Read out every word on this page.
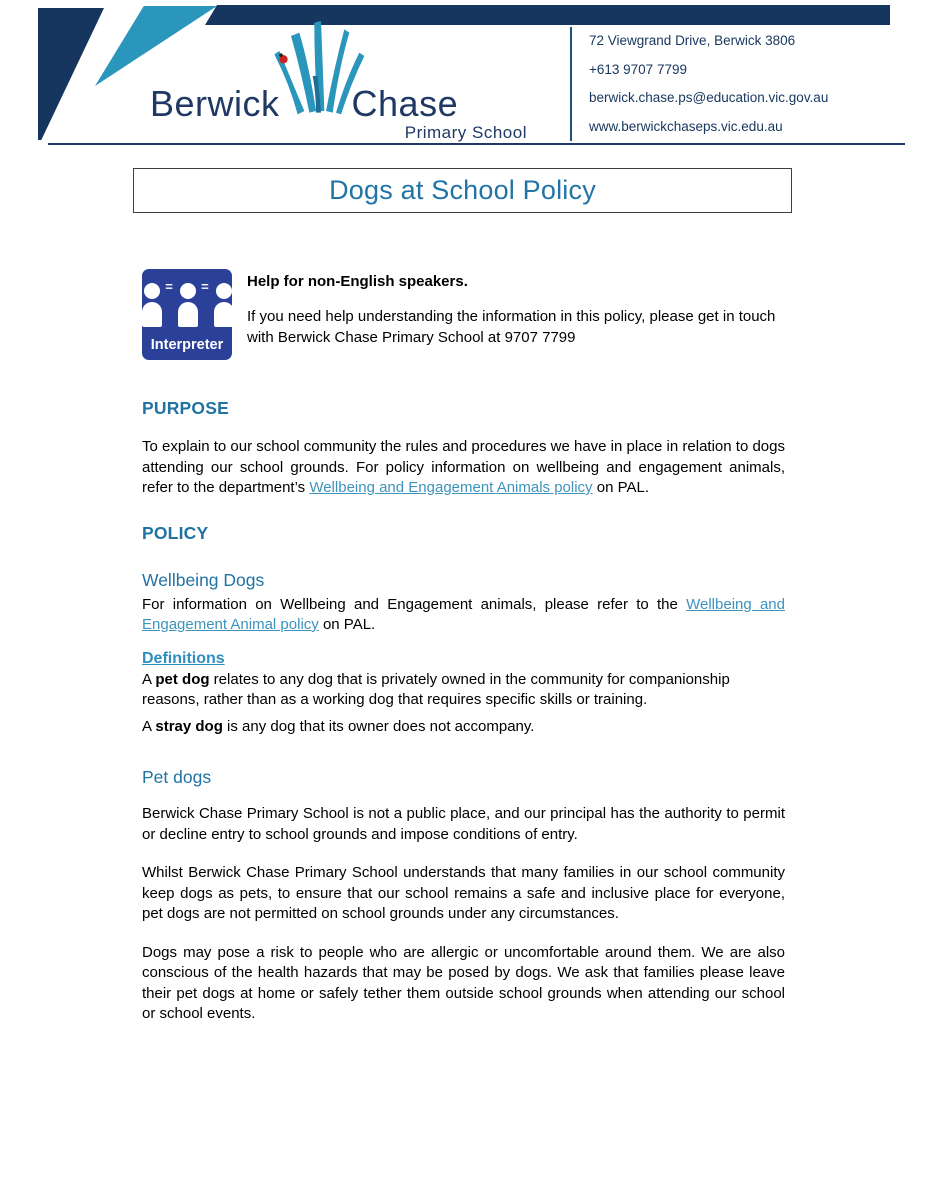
Berwick Chase
Primary School
72 Viewgrand Drive, Berwick 3806
+613 9707 7799
berwick.chase.ps@education.vic.gov.au
www.berwickchaseps.vic.edu.au
Dogs at School Policy
= =
Interpreter
Help for non-English speakers.
If you need help understanding the information in this policy, please get in touch with Berwick Chase Primary School at 9707 7799
PURPOSE

To explain to our school community the rules and procedures we have in place in relation to dogs attending our school grounds. For policy information on wellbeing and engagement animals, refer to the department’s Wellbeing and Engagement Animals policy on PAL.

POLICY
Wellbeing Dogs

For information on Wellbeing and Engagement animals, please refer to the Wellbeing and Engagement Animal policy on PAL.

Definitions

A pet dog relates to any dog that is privately owned in the community for companionship reasons, rather than as a working dog that requires specific skills or training.

A stray dog is any dog that its owner does not accompany.

Pet dogs

Berwick Chase Primary School is not a public place, and our principal has the authority to permit or decline entry to school grounds and impose conditions of entry.

Whilst Berwick Chase Primary School understands that many families in our school community keep dogs as pets, to ensure that our school remains a safe and inclusive place for everyone, pet dogs are not permitted on school grounds under any circumstances.

Dogs may pose a risk to people who are allergic or uncomfortable around them. We are also conscious of the health hazards that may be posed by dogs. We ask that families please leave their pet dogs at home or safely tether them outside school grounds when attending our school or school events.
